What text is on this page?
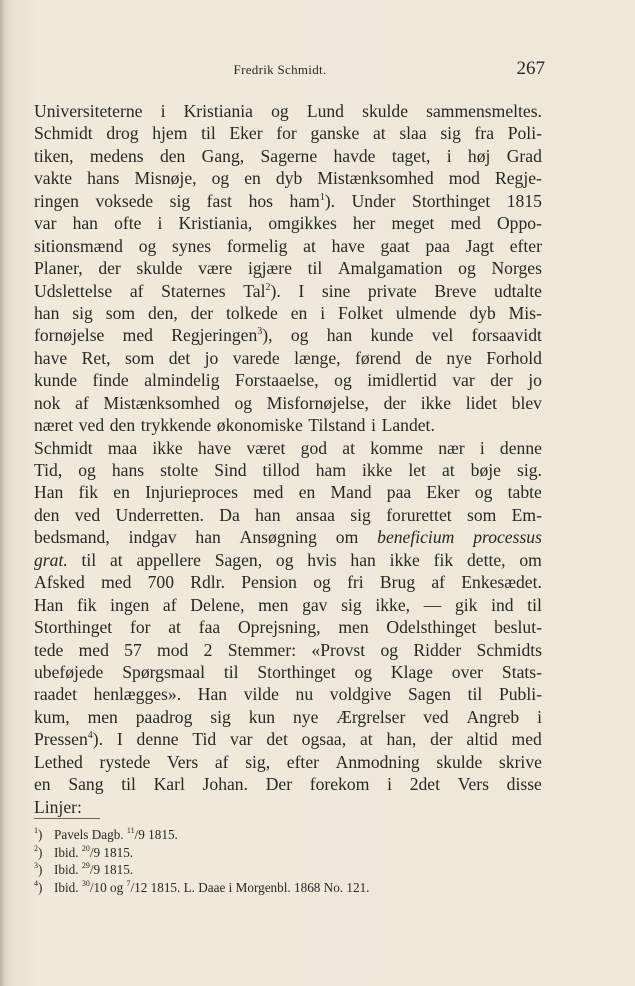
Fredrik Schmidt.	267
Universiteterne i Kristiania og Lund skulde sammensmeltes.
Schmidt drog hjem til Eker for ganske at slaa sig fra Poli-
tiken, medens den Gang, Sagerne havde taget, i høj Grad
vakte hans Misnøje, og en dyb Mistænksomhed mod Regje-
ringen voksede sig fast hos ham$^1$). Under Storthinget 1815
var han ofte i Kristiania, omgikkes her meget med Oppo-
sitionsmænd og synes formelig at have gaat paa Jagt efter
Planer, der skulde være igjære til Amalgamation og Norges
Udslettelse af Staternes Tal$^2$). I sine private Breve udtalte
han sig som den, der tolkede en i Folket ulmende dyb Mis-
fornøjelse med Regjeringen$^3$), og han kunde vel forsaavidt
have Ret, som det jo varede længe, førend de nye Forhold
kunde finde almindelig Forstaaelse, og imidlertid var der jo
nok af Mistænksomhed og Misfornøjelse, der ikke lidet blev
næret ved den trykkende økonomiske Tilstand i Landet.
Schmidt maa ikke have været god at komme nær i denne
Tid, og hans stolte Sind tillod ham ikke let at bøje sig.
Han fik en Injurieproces med en Mand paa Eker og tabte
den ved Underretten. Da han ansaa sig forurettet som Em-
bedsmand, indgav han Ansøgning om beneficium processus
grat. til at appellere Sagen, og hvis han ikke fik dette, om
Afsked med 700 Rdlr. Pension og fri Brug af Enkesædet.
Han fik ingen af Delene, men gav sig ikke, — gik ind til
Storthinget for at faa Oprejsning, men Odelsthinget beslut-
tede med 57 mod 2 Stemmer: «Provst og Ridder Schmidts
ubeføjede Spørgsmaal til Storthinget og Klage over Stats-
raadet henlægges». Han vilde nu voldgive Sagen til Publi-
kum, men paadrog sig kun nye Ærgrelser ved Angreb i
Pressen$^4$). I denne Tid var det ogsaa, at han, der altid med
Lethed rystede Vers af sig, efter Anmodning skulde skrive
en Sang til Karl Johan. Der forekom i 2det Vers disse
Linjer:
$^1$) Pavels Dagb. $^{11}$/9 1815.
$^2$) Ibid. $^{20}$/9 1815.
$^3$) Ibid. $^{29}$/9 1815.
$^4$) Ibid. $^{30}$/10 og $^7$/12 1815. L. Daae i Morgenbl. 1868 No. 121.
